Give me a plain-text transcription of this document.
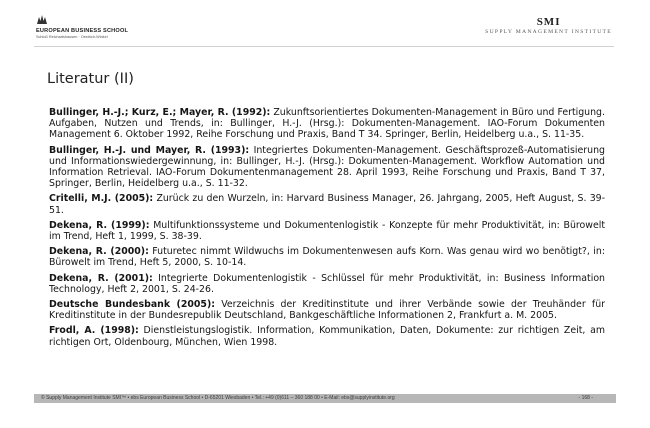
EUROPEAN BUSINESS SCHOOL
Schloß Reichartshausen · Oestrich-Winkel
SMI
SUPPLY MANAGEMENT INSTITUTE
Literatur (II)
Bullinger, H.-J.; Kurz, E.; Mayer, R. (1992): Zukunftsorientiertes Dokumenten-Management in Büro und Fertigung. Aufgaben, Nutzen und Trends, in: Bullinger, H.-J. (Hrsg.): Dokumenten-Management. IAO-Forum Dokumenten Management 6. Oktober 1992, Reihe Forschung und Praxis, Band T 34. Springer, Berlin, Heidelberg u.a., S. 11-35.
Bullinger, H.-J. und Mayer, R. (1993): Integriertes Dokumenten-Management. Geschäftsprozeß-Automatisierung und Informationswiedergewinnung, in: Bullinger, H.-J. (Hrsg.): Dokumenten-Management. Workflow Automation und Information Retrieval. IAO-Forum Dokumentenmanagement 28. April 1993, Reihe Forschung und Praxis, Band T 37, Springer, Berlin, Heidelberg u.a., S. 11-32.
Critelli, M.J. (2005): Zurück zu den Wurzeln, in: Harvard Business Manager, 26. Jahrgang, 2005, Heft August, S. 39-51.
Dekena, R. (1999): Multifunktionssysteme und Dokumentenlogistik - Konzepte für mehr Produktivität, in: Bürowelt im Trend, Heft 1, 1999, S. 38-39.
Dekena, R. (2000): Futuretec nimmt Wildwuchs im Dokumentenwesen aufs Korn. Was genau wird wo benötigt?, in: Bürowelt im Trend, Heft 5, 2000, S. 10-14.
Dekena, R. (2001): Integrierte Dokumentenlogistik - Schlüssel für mehr Produktivität, in: Business Information Technology, Heft 2, 2001, S. 24-26.
Deutsche Bundesbank (2005): Verzeichnis der Kreditinstitute und ihrer Verbände sowie der Treuhänder für Kreditinstitute in der Bundesrepublik Deutschland, Bankgeschäftliche Informationen 2, Frankfurt a. M. 2005.
Frodl, A. (1998): Dienstleistungslogistik. Information, Kommunikation, Daten, Dokumente: zur richtigen Zeit, am richtigen Ort, Oldenbourg, München, Wien 1998.
© Supply Management Institute SMI™ • ebs European Business School • D-65201 Wiesbaden • Tel.: +49 (0)611 – 360 188 00 • E-Mail: ebs@supplyinstitute.org	- 168 -
